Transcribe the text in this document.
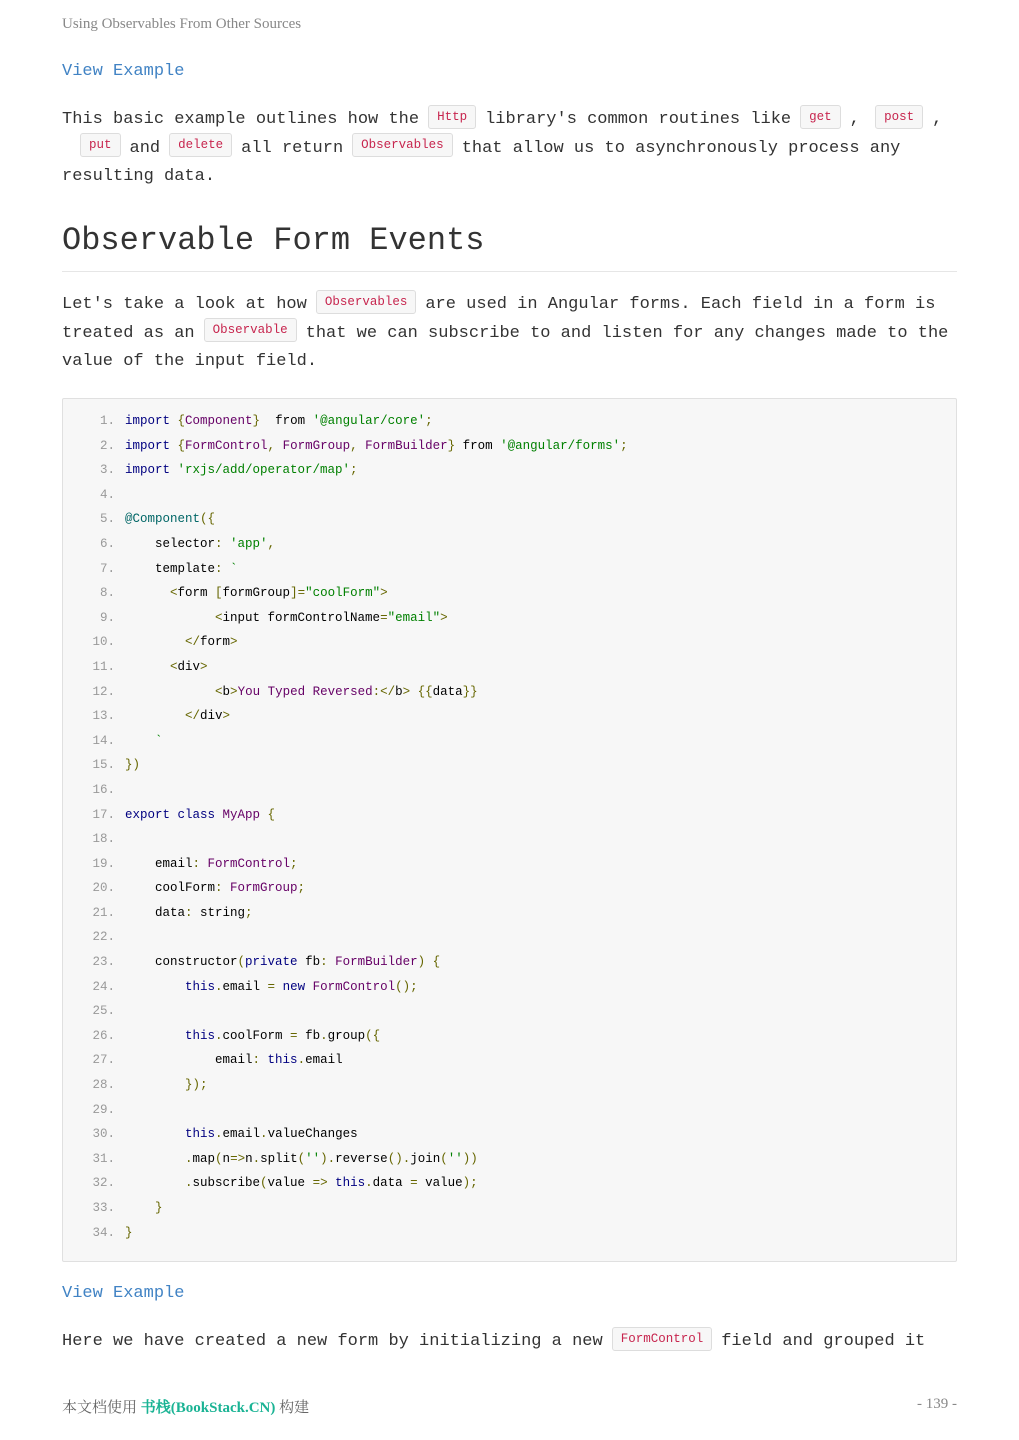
Using Observables From Other Sources
View Example
This basic example outlines how the Http library's common routines like get , post ,put and delete all return Observables that allow us to asynchronously process any resulting data.
Observable Form Events
Let's take a look at how Observables are used in Angular forms. Each field in a form is treated as an Observable that we can subscribe to and listen for any changes made to the value of the input field.
1. import {Component}  from '@angular/core';
2. import {FormControl, FormGroup, FormBuilder} from '@angular/forms';
3. import 'rxjs/add/operator/map';
4.
5. @Component({
6. selector: 'app',
7. template: `
8. <form [formGroup]="coolForm">
9. <input formControlName="email">
10. </form>
11. <div>
12. <b>You Typed Reversed:</b> {{data}}
13. </div>
14. `
15. })
16.
17. export class MyApp {
18.
19. email: FormControl;
20. coolForm: FormGroup;
21. data: string;
22.
23. constructor(private fb: FormBuilder) {
24. this.email = new FormControl();
25.
26. this.coolForm = fb.group({
27. email: this.email
28. });
29.
30. this.email.valueChanges
31. .map(n=>n.split('').reverse().join(''))
32. .subscribe(value => this.data = value);
33. }
34. }
View Example
Here we have created a new form by initializing a new FormControl field and grouped it
本文档使用 书栈(BookStack.CN) 构建	- 139 -
